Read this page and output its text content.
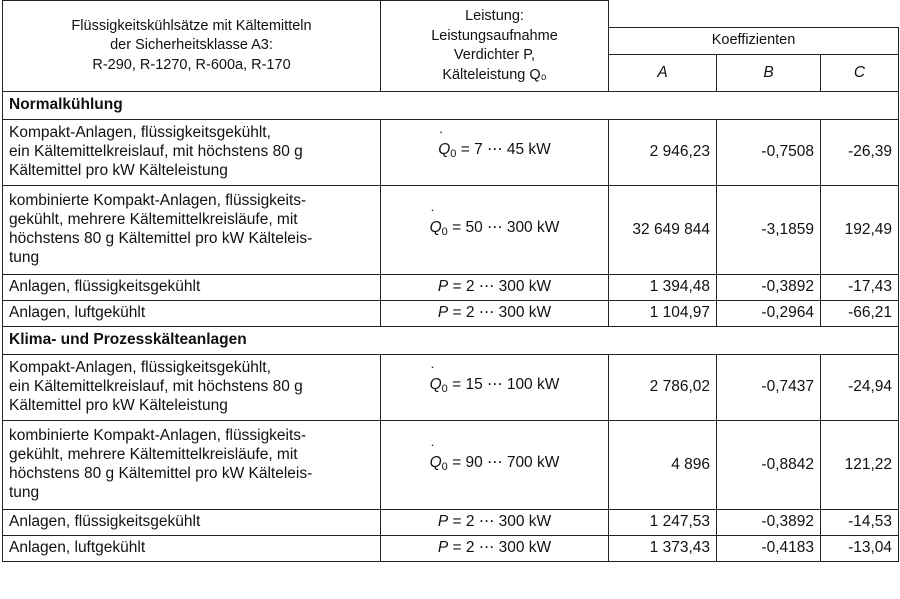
Flüssigkeitskühlsätze mit Kältemitteln
der Sicherheitsklasse A3:
R-290, R-1270, R-600a, R-170	Leistung:
Leistungsaufnahme
Verdichter P,
Kälteleistung Q₀			
		Koeffizienten		
		A	B	C
Normalkühlung				
Kompakt-Anlagen, flüssigkeitsgekühlt,
ein Kältemittelkreislauf, mit höchstens 80 g
Kältemittel pro kW Kälteleistung	˙ $Q_0 = 7$ ⋯ 45 kW	2 946,23	-0,7508	-26,39
kombinierte Kompakt-Anlagen, flüssigkeits-
gekühlt, mehrere Kältemittelkreisläufe, mit
höchstens 80 g Kältemittel pro kW Kälteleis-
tung	˙ $Q_0 = 50$ ⋯ 300 kW	32 649 844	-3,1859	192,49
Anlagen, flüssigkeitsgekühlt	P = 2 ⋯ 300 kW	1 394,48	-0,3892	-17,43
Anlagen, luftgekühlt	P = 2 ⋯ 300 kW	1 104,97	-0,2964	-66,21
Klima- und Prozesskälteanlagen				
Kompakt-Anlagen, flüssigkeitsgekühlt,
ein Kältemittelkreislauf, mit höchstens 80 g
Kältemittel pro kW Kälteleistung	˙ $Q_0 = 15$ ⋯ 100 kW	2 786,02	-0,7437	-24,94
kombinierte Kompakt-Anlagen, flüssigkeits-
gekühlt, mehrere Kältemittelkreisläufe, mit
höchstens 80 g Kältemittel pro kW Kälteleis-
tung	˙ $Q_0 = 90$ ⋯ 700 kW	4 896	-0,8842	121,22
Anlagen, flüssigkeitsgekühlt	P = 2 ⋯ 300 kW	1 247,53	-0,3892	-14,53
Anlagen, luftgekühlt	P = 2 ⋯ 300 kW	1 373,43	-0,4183	-13,04
